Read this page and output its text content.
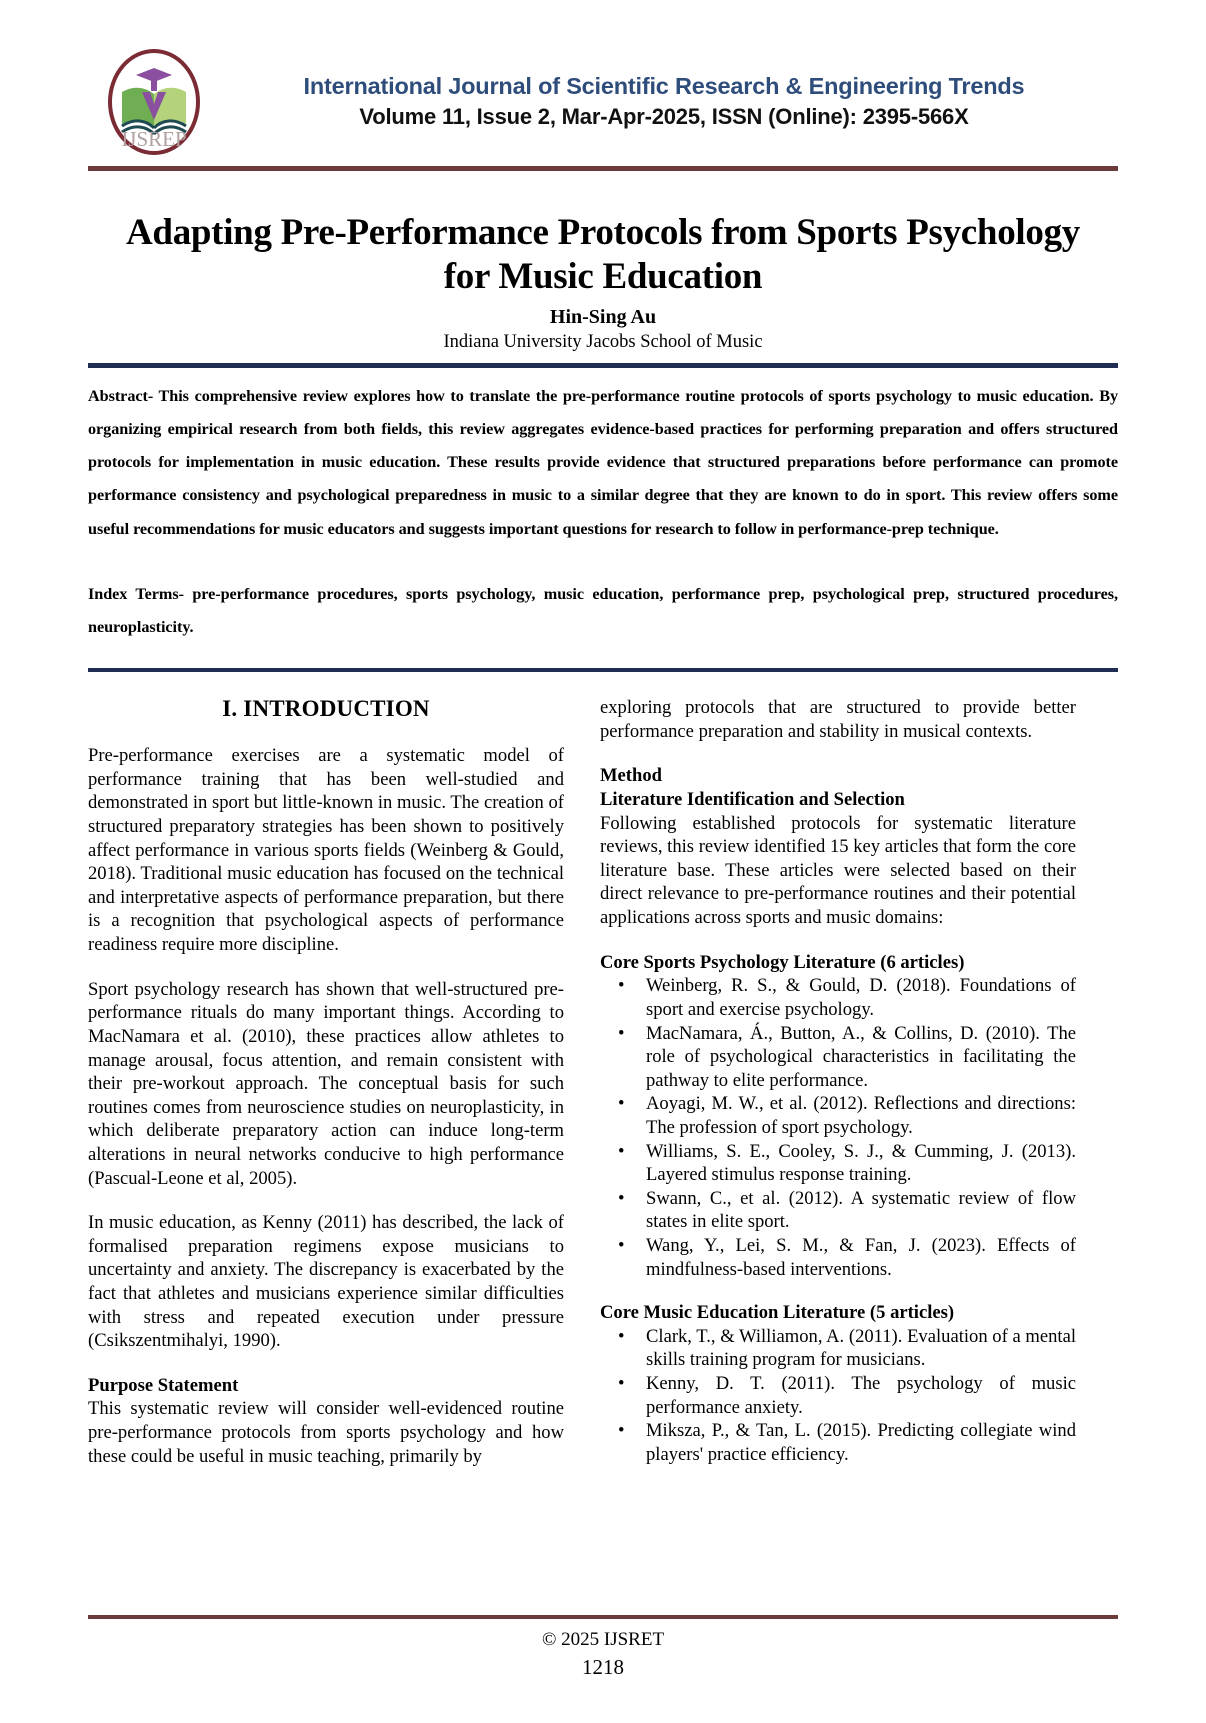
IJSREP
International Journal of Scientific Research & Engineering Trends
Volume 11, Issue 2, Mar-Apr-2025, ISSN (Online): 2395-566X
Adapting Pre-Performance Protocols from Sports Psychology for Music Education
Hin-Sing Au
Indiana University Jacobs School of Music
Abstract- This comprehensive review explores how to translate the pre-performance routine protocols of sports psychology to music education. By organizing empirical research from both fields, this review aggregates evidence-based practices for performing preparation and offers structured protocols for implementation in music education. These results provide evidence that structured preparations before performance can promote performance consistency and psychological preparedness in music to a similar degree that they are known to do in sport. This review offers some useful recommendations for music educators and suggests important questions for research to follow in performance-prep technique.
Index Terms- pre-performance procedures, sports psychology, music education, performance prep, psychological prep, structured procedures, neuroplasticity.
I. INTRODUCTION

Pre-performance exercises are a systematic model of performance training that has been well-studied and demonstrated in sport but little-known in music. The creation of structured preparatory strategies has been shown to positively affect performance in various sports fields (Weinberg & Gould, 2018). Traditional music education has focused on the technical and interpretative aspects of performance preparation, but there is a recognition that psychological aspects of performance readiness require more discipline.

Sport psychology research has shown that well-structured pre-performance rituals do many important things. According to MacNamara et al. (2010), these practices allow athletes to manage arousal, focus attention, and remain consistent with their pre-workout approach. The conceptual basis for such routines comes from neuroscience studies on neuroplasticity, in which deliberate preparatory action can induce long-term alterations in neural networks conducive to high performance (Pascual-Leone et al, 2005).

In music education, as Kenny (2011) has described, the lack of formalised preparation regimens expose musicians to uncertainty and anxiety. The discrepancy is exacerbated by the fact that athletes and musicians experience similar difficulties with stress and repeated execution under pressure (Csikszentmihalyi, 1990).

Purpose Statement

This systematic review will consider well-evidenced routine pre-performance protocols from sports psychology and how these could be useful in music teaching, primarily by

exploring protocols that are structured to provide better performance preparation and stability in musical contexts.

Method
Literature Identification and Selection

Following established protocols for systematic literature reviews, this review identified 15 key articles that form the core literature base. These articles were selected based on their direct relevance to pre-performance routines and their potential applications across sports and music domains:

Core Sports Psychology Literature (6 articles)
• Weinberg, R. S., & Gould, D. (2018). Foundations of sport and exercise psychology.
• MacNamara, Á., Button, A., & Collins, D. (2010). The role of psychological characteristics in facilitating the pathway to elite performance.
• Aoyagi, M. W., et al. (2012). Reflections and directions: The profession of sport psychology.
• Williams, S. E., Cooley, S. J., & Cumming, J. (2013). Layered stimulus response training.
• Swann, C., et al. (2012). A systematic review of flow states in elite sport.
• Wang, Y., Lei, S. M., & Fan, J. (2023). Effects of mindfulness-based interventions.
Core Music Education Literature (5 articles)
• Clark, T., & Williamon, A. (2011). Evaluation of a mental skills training program for musicians.
• Kenny, D. T. (2011). The psychology of music performance anxiety.
• Miksza, P., & Tan, L. (2015). Predicting collegiate wind players' practice efficiency.
© 2025 IJSRET
1218
